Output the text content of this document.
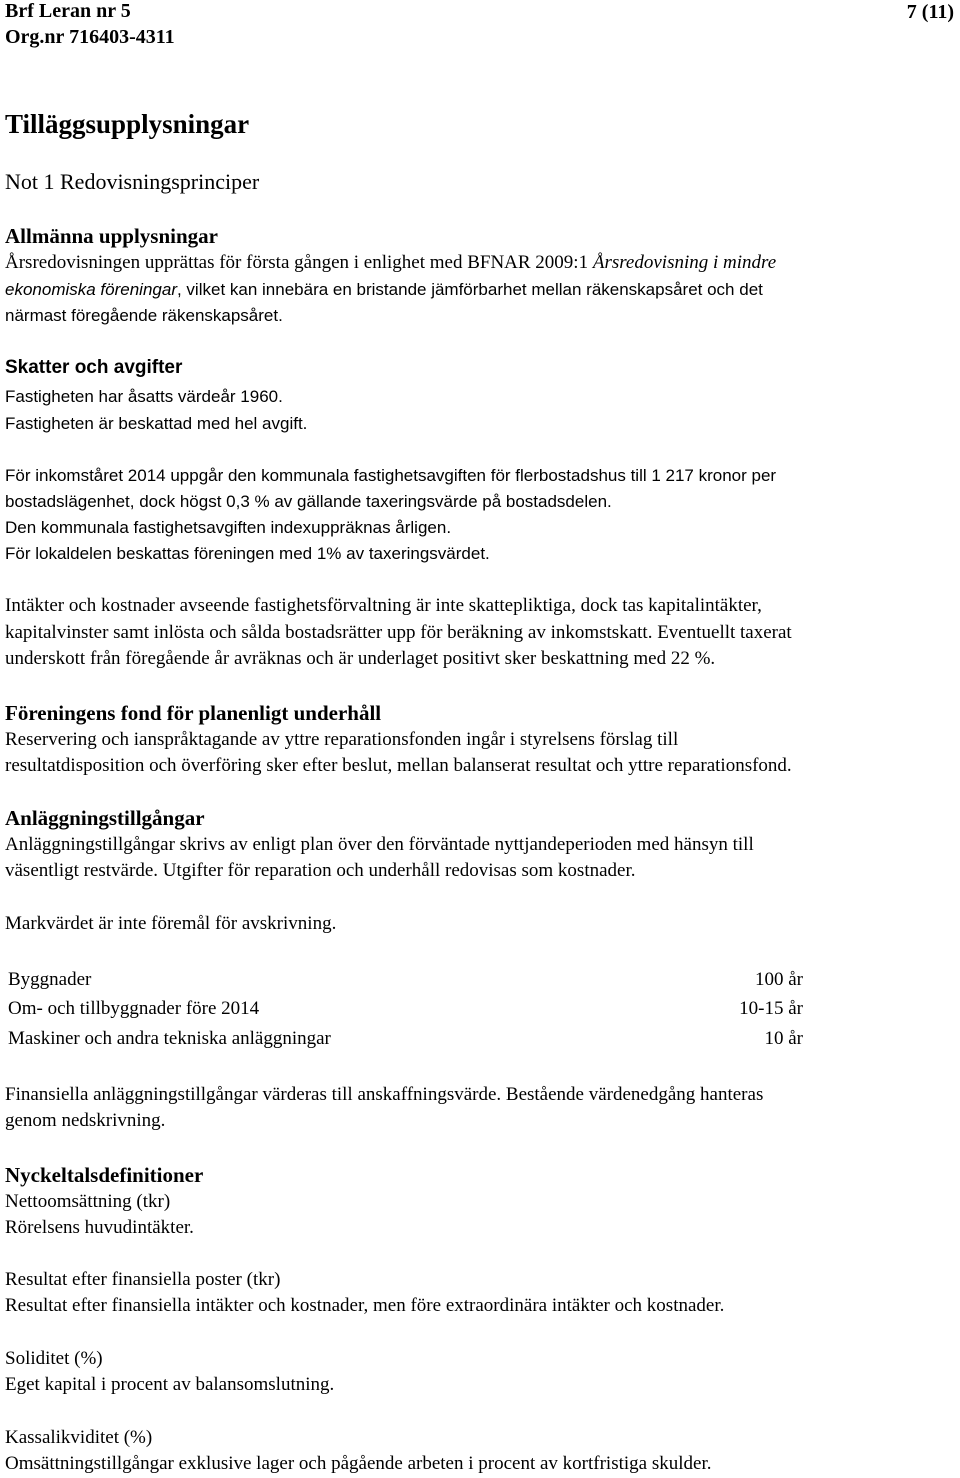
Brf Leran nr 5
Org.nr 716403-4311
7 (11)
Tilläggsupplysningar
Not 1 Redovisningsprinciper
Allmänna upplysningar
Årsredovisningen upprättas för första gången i enlighet med BFNAR 2009:1 Årsredovisning i mindre
ekonomiska föreningar, vilket kan innebära en bristande jämförbarhet mellan räkenskapsåret och det
närmast föregående räkenskapsåret.
Skatter och avgifter
Fastigheten har åsatts värdeår 1960.
Fastigheten är beskattad med hel avgift.
För inkomståret 2014 uppgår den kommunala fastighetsavgiften för flerbostadshus till 1 217 kronor per
bostadslägenhet, dock högst 0,3 % av gällande taxeringsvärde på bostadsdelen.
Den kommunala fastighetsavgiften indexuppräknas årligen.
För lokaldelen beskattas föreningen med 1% av taxeringsvärdet.
Intäkter och kostnader avseende fastighetsförvaltning är inte skattepliktiga, dock tas kapitalintäkter,
kapitalvinster samt inlösta och sålda bostadsrätter upp för beräkning av inkomstskatt. Eventuellt taxerat
underskott från föregående år avräknas och är underlaget positivt sker beskattning med 22 %.
Föreningens fond för planenligt underhåll
Reservering och ianspråktagande av yttre reparationsfonden ingår i styrelsens förslag till
resultatdisposition och överföring sker efter beslut, mellan balanserat resultat och yttre reparationsfond.
Anläggningstillgångar
Anläggningstillgångar skrivs av enligt plan över den förväntade nyttjandeperioden med hänsyn till
väsentligt restvärde. Utgifter för reparation och underhåll redovisas som kostnader.
Markvärdet är inte föremål för avskrivning.
Byggnader	100 år
Om- och tillbyggnader före 2014	10-15 år
Maskiner och andra tekniska anläggningar	10 år
Finansiella anläggningstillgångar värderas till anskaffningsvärde. Bestående värdenedgång hanteras
genom nedskrivning.
Nyckeltalsdefinitioner
Nettoomsättning (tkr)
Rörelsens huvudintäkter.
Resultat efter finansiella poster (tkr)
Resultat efter finansiella intäkter och kostnader, men före extraordinära intäkter och kostnader.
Soliditet (%)
Eget kapital i procent av balansomslutning.
Kassalikviditet (%)
Omsättningstillgångar exklusive lager och pågående arbeten i procent av kortfristiga skulder.
